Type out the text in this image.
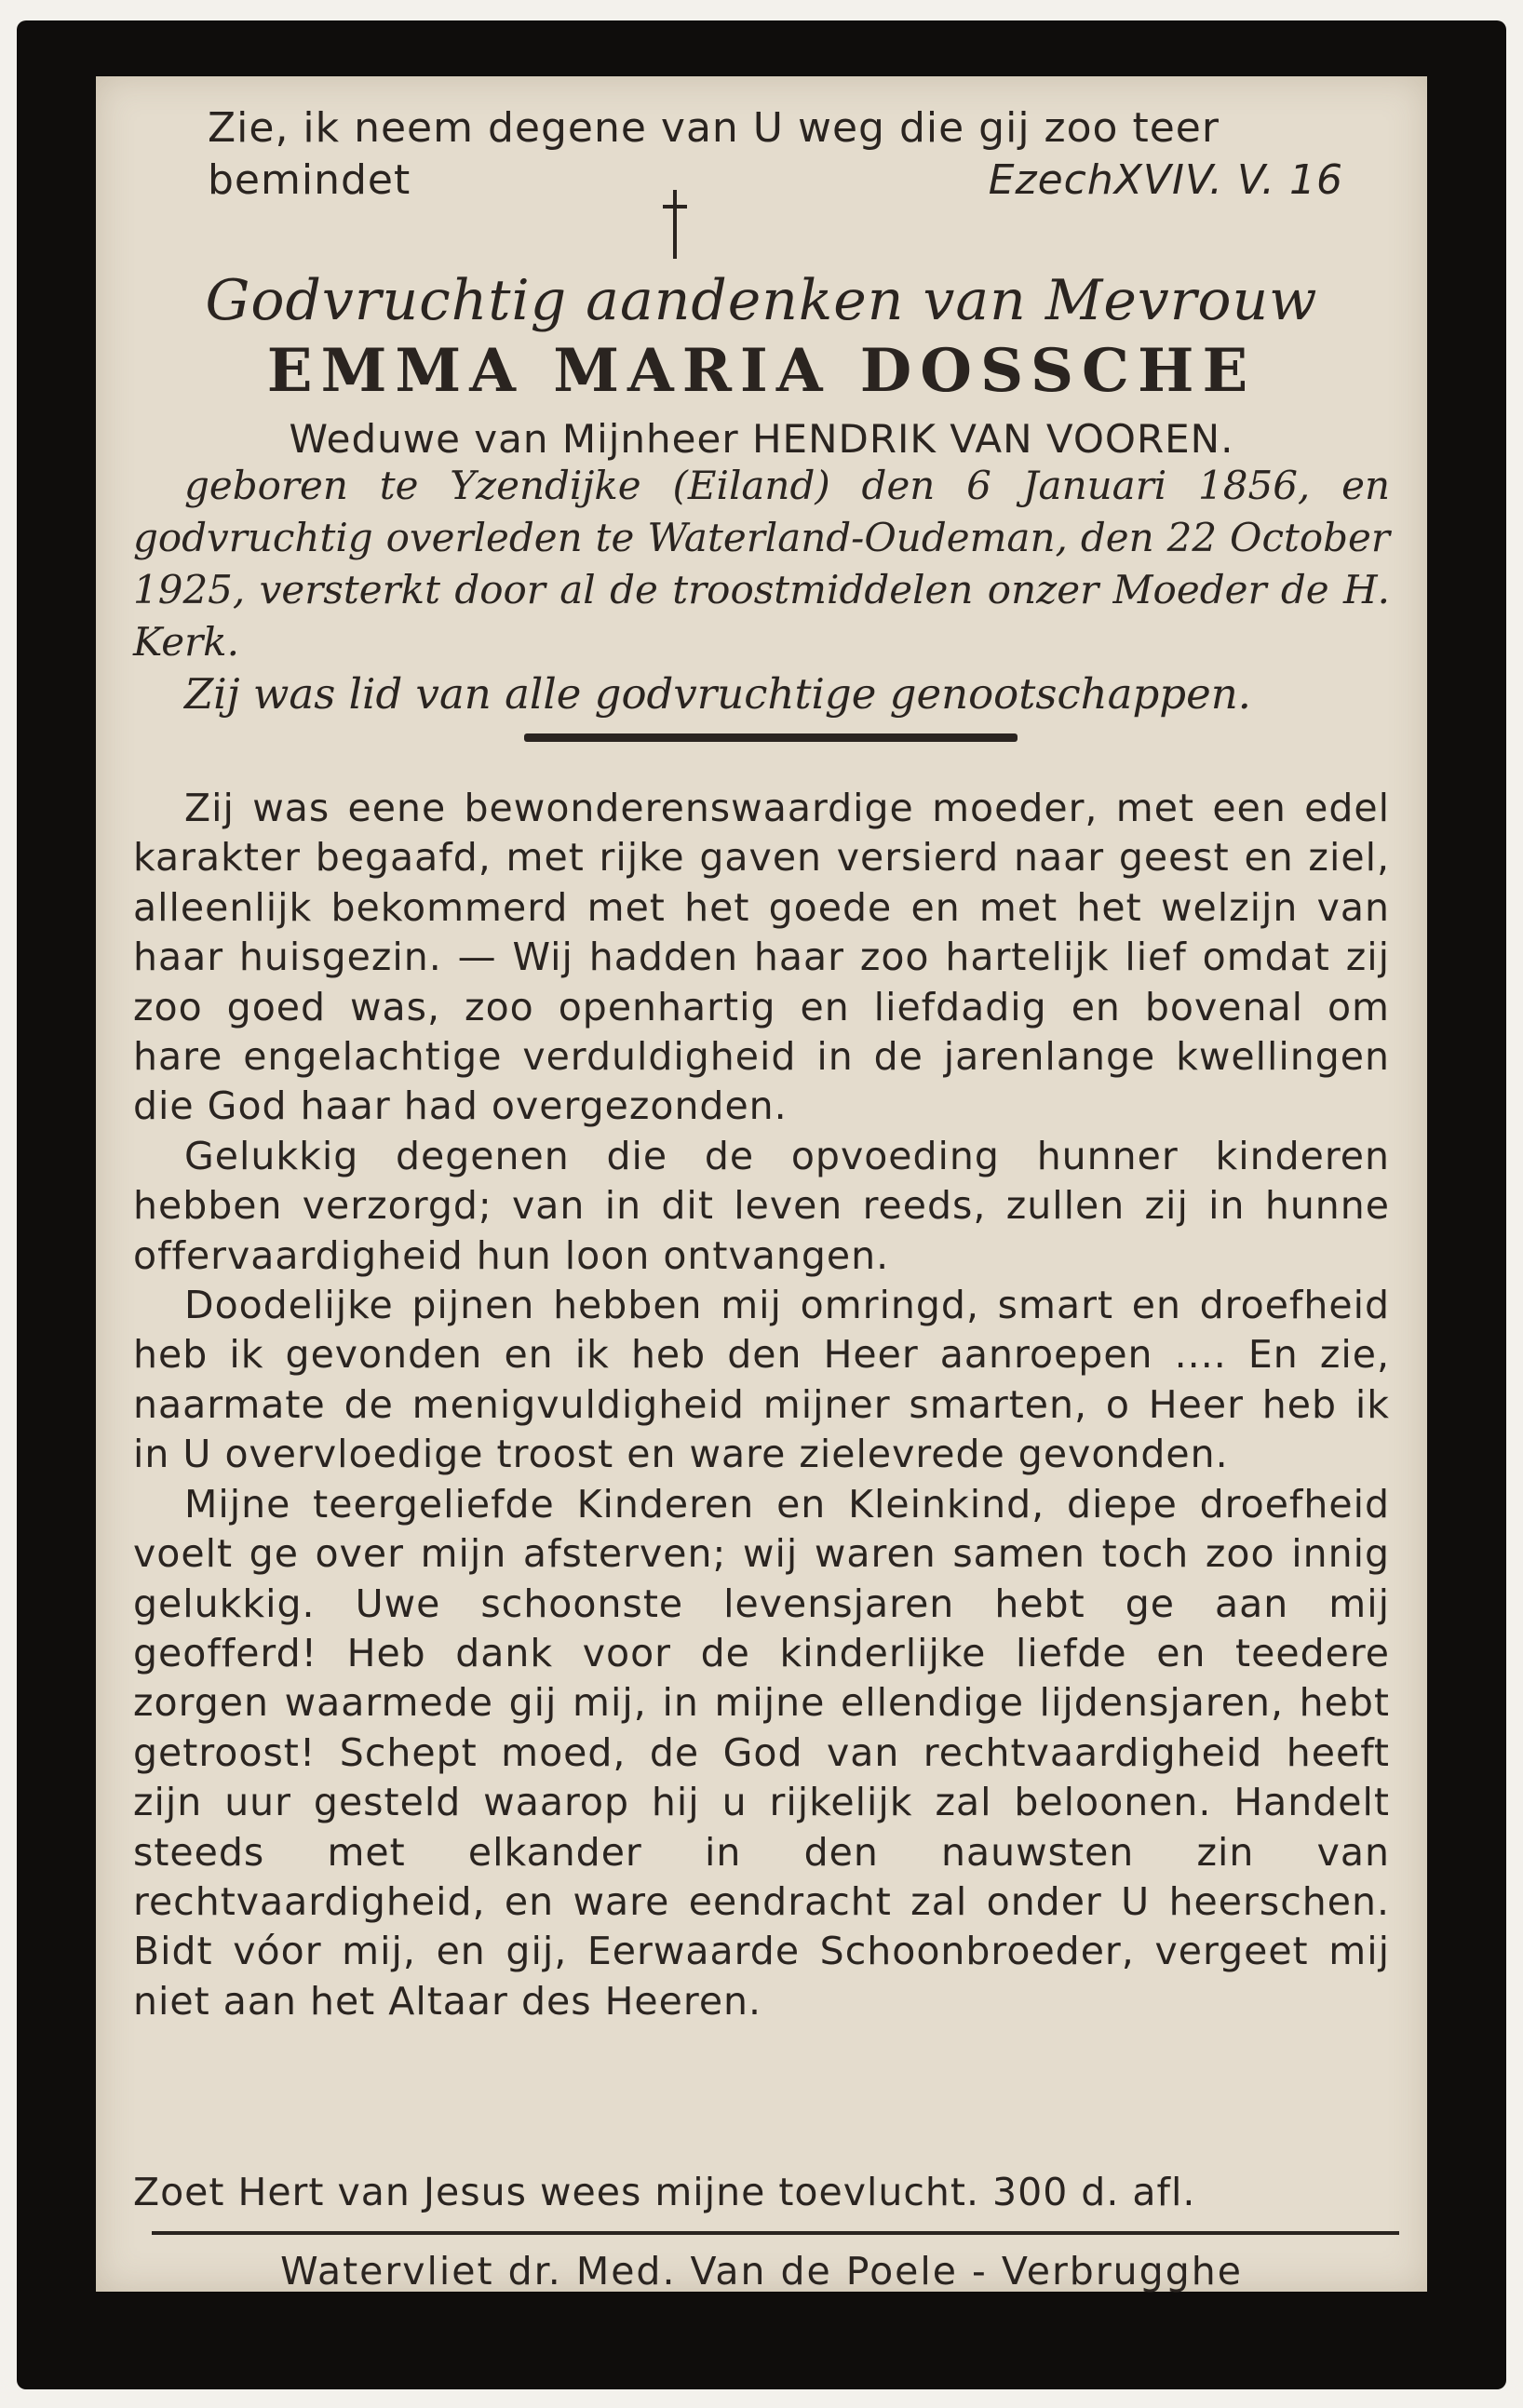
Zie, ik neem degene van U weg die gij zoo teer
bemindet	EzechXVIV. V. 16
Godvruchtig aandenken van Mevrouw
EMMA MARIA DOSSCHE
Weduwe van Mijnheer HENDRIK VAN VOOREN.
geboren te Yzendijke (Eiland) den 6 Januari 1856, en godvruchtig overleden te Waterland-Oudeman, den 22 October 1925, versterkt door al de troostmiddelen onzer Moeder de H. Kerk.
Zij was lid van alle godvruchtige genootschappen.

Zij was eene bewonderenswaardige moeder, met een edel karakter begaafd, met rijke gaven versierd naar geest en ziel, alleenlijk bekommerd met het goede en met het welzijn van haar huisgezin. — Wij hadden haar zoo hartelijk lief omdat zij zoo goed was, zoo openhartig en liefdadig en bovenal om hare engelachtige verduldigheid in de jarenlange kwellingen die God haar had overgezonden.

Gelukkig degenen die de opvoeding hunner kinderen hebben verzorgd; van in dit leven reeds, zullen zij in hunne offervaardigheid hun loon ontvangen.

Doodelijke pijnen hebben mij omringd, smart en droefheid heb ik gevonden en ik heb den Heer aanroepen .... En zie, naarmate de menigvuldigheid mijner smarten, o Heer heb ik in U overvloedige troost en ware zielevrede gevonden.

Mijne teergeliefde Kinderen en Kleinkind, diepe droefheid voelt ge over mijn afsterven; wij waren samen toch zoo innig gelukkig. Uwe schoonste levensjaren hebt ge aan mij geofferd! Heb dank voor de kinderlijke liefde en teedere zorgen waarmede gij mij, in mijne ellendige lijdensjaren, hebt getroost! Schept moed, de God van rechtvaardigheid heeft zijn uur gesteld waarop hij u rijkelijk zal beloonen. Handelt steeds met elkander in den nauwsten zin van rechtvaardigheid, en ware eendracht zal onder U heerschen. Bidt vóor mij, en gij, Eerwaarde Schoonbroeder, vergeet mij niet aan het Altaar des Heeren.

Zoet Hert van Jesus wees mijne toevlucht. 300 d. afl.
Watervliet dr. Med. Van de Poele - Verbrugghe
